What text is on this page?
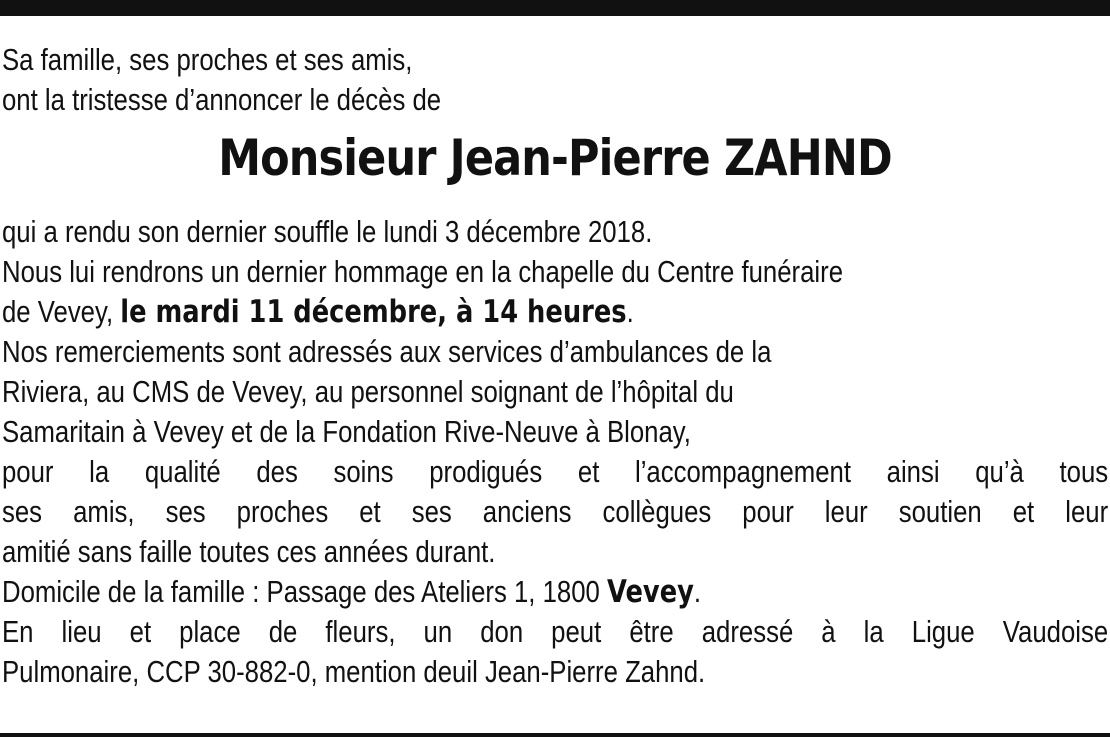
Sa famille, ses proches et ses amis,
ont la tristesse d’annoncer le décès de
Monsieur Jean-Pierre ZAHND
qui a rendu son dernier souffle le lundi 3 décembre 2018.
Nous lui rendrons un dernier hommage en la chapelle du Centre funéraire
de Vevey, le mardi 11 décembre, à 14 heures.
Nos remerciements sont adressés aux services d’ambulances de la
Riviera, au CMS de Vevey, au personnel soignant de l’hôpital du
Samaritain à Vevey et de la Fondation Rive-Neuve à Blonay,
pour la qualité des soins prodigués et l’accompagnement ainsi qu’à tous
ses amis, ses proches et ses anciens collègues pour leur soutien et leur
amitié sans faille toutes ces années durant.
Domicile de la famille : Passage des Ateliers 1, 1800 Vevey.
En lieu et place de fleurs, un don peut être adressé à la Ligue Vaudoise
Pulmonaire, CCP 30-882-0, mention deuil Jean-Pierre Zahnd.
